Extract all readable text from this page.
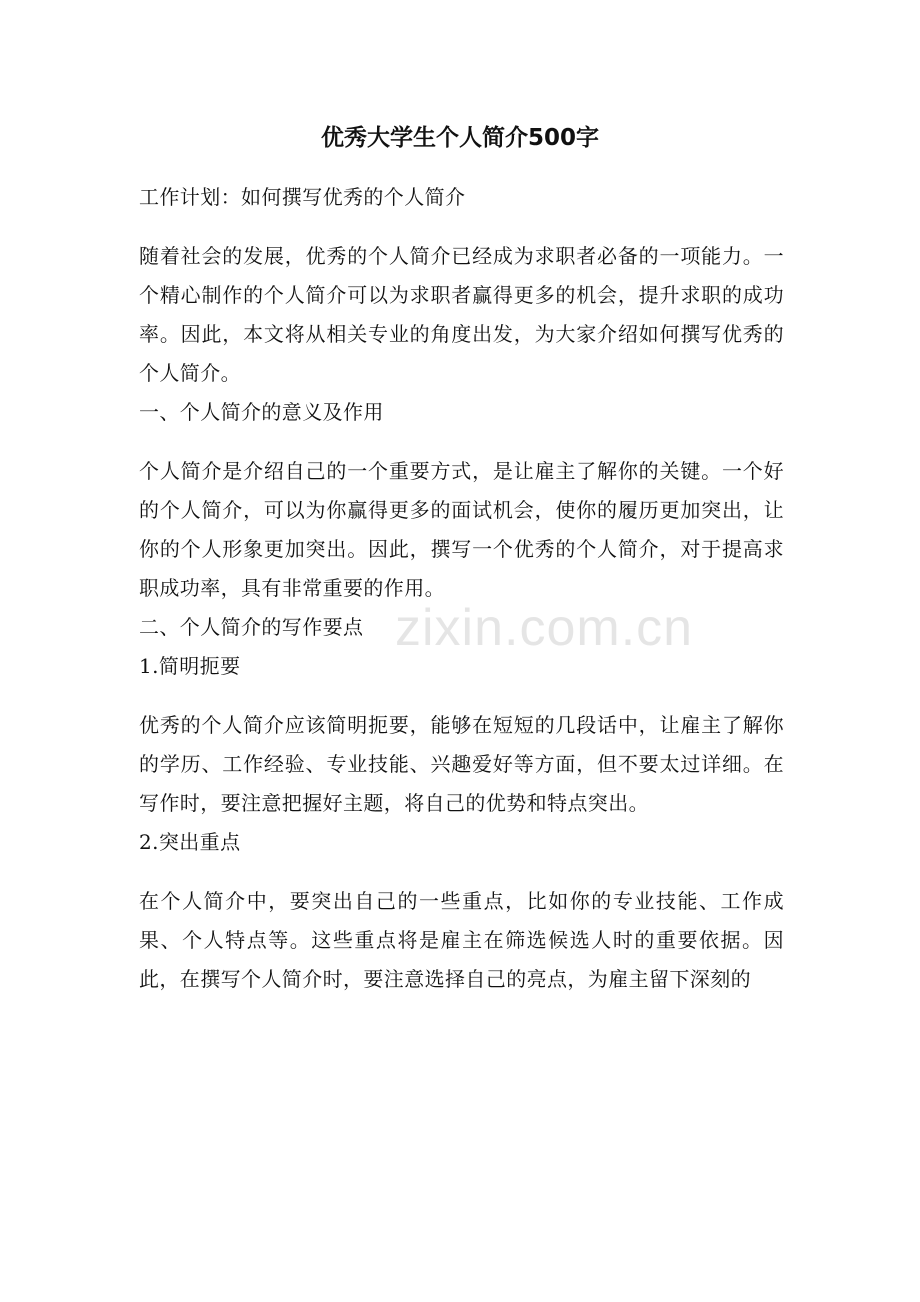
优秀大学生个人简介500字

工作计划：如何撰写优秀的个人简介

随着社会的发展，优秀的个人简介已经成为求职者必备的一项能力。一个精心制作的个人简介可以为求职者赢得更多的机会，提升求职的成功率。因此，本文将从相关专业的角度出发，为大家介绍如何撰写优秀的个人简介。

一、个人简介的意义及作用

个人简介是介绍自己的一个重要方式，是让雇主了解你的关键。一个好的个人简介，可以为你赢得更多的面试机会，使你的履历更加突出，让你的个人形象更加突出。因此，撰写一个优秀的个人简介，对于提高求职成功率，具有非常重要的作用。

二、个人简介的写作要点

1.简明扼要

优秀的个人简介应该简明扼要，能够在短短的几段话中，让雇主了解你的学历、工作经验、专业技能、兴趣爱好等方面，但不要太过详细。在写作时，要注意把握好主题，将自己的优势和特点突出。

2.突出重点

在个人简介中，要突出自己的一些重点，比如你的专业技能、工作成果、个人特点等。这些重点将是雇主在筛选候选人时的重要依据。因此，在撰写个人简介时，要注意选择自己的亮点，为雇主留下深刻的

zixin.com.cn
